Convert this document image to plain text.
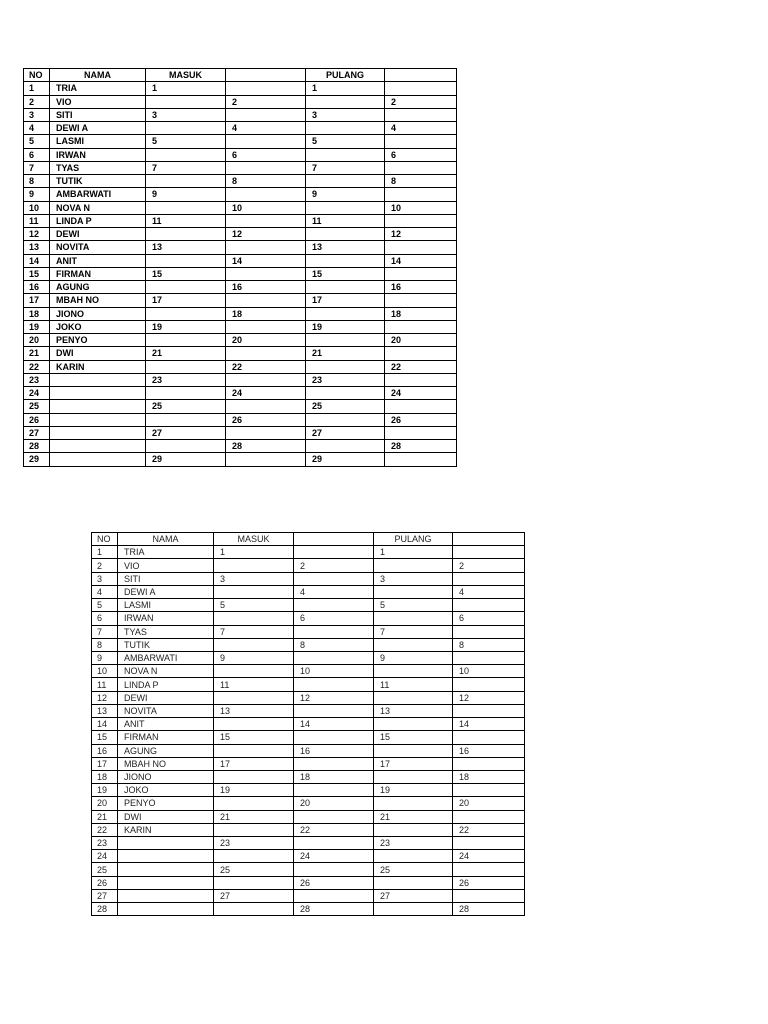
NO	NAMA	MASUK		PULANG	
1	TRIA	1		1	
2	VIO		2		2
3	SITI	3		3	
4	DEWI A		4		4
5	LASMI	5		5	
6	IRWAN		6		6
7	TYAS	7		7	
8	TUTIK		8		8
9	AMBARWATI	9		9	
10	NOVA N		10		10
11	LINDA P	11		11	
12	DEWI		12		12
13	NOVITA	13		13	
14	ANIT		14		14
15	FIRMAN	15		15	
16	AGUNG		16		16
17	MBAH NO	17		17	
18	JIONO		18		18
19	JOKO	19		19	
20	PENYO		20		20
21	DWI	21		21	
22	KARIN		22		22
23		23		23	
24			24		24
25		25		25	
26			26		26
27		27		27	
28			28		28
29		29		29	
NO	NAMA	MASUK		PULANG	
1	TRIA	1		1	
2	VIO		2		2
3	SITI	3		3	
4	DEWI A		4		4
5	LASMI	5		5	
6	IRWAN		6		6
7	TYAS	7		7	
8	TUTIK		8		8
9	AMBARWATI	9		9	
10	NOVA N		10		10
11	LINDA P	11		11	
12	DEWI		12		12
13	NOVITA	13		13	
14	ANIT		14		14
15	FIRMAN	15		15	
16	AGUNG		16		16
17	MBAH NO	17		17	
18	JIONO		18		18
19	JOKO	19		19	
20	PENYO		20		20
21	DWI	21		21	
22	KARIN		22		22
23		23		23	
24			24		24
25		25		25	
26			26		26
27		27		27	
28			28		28
